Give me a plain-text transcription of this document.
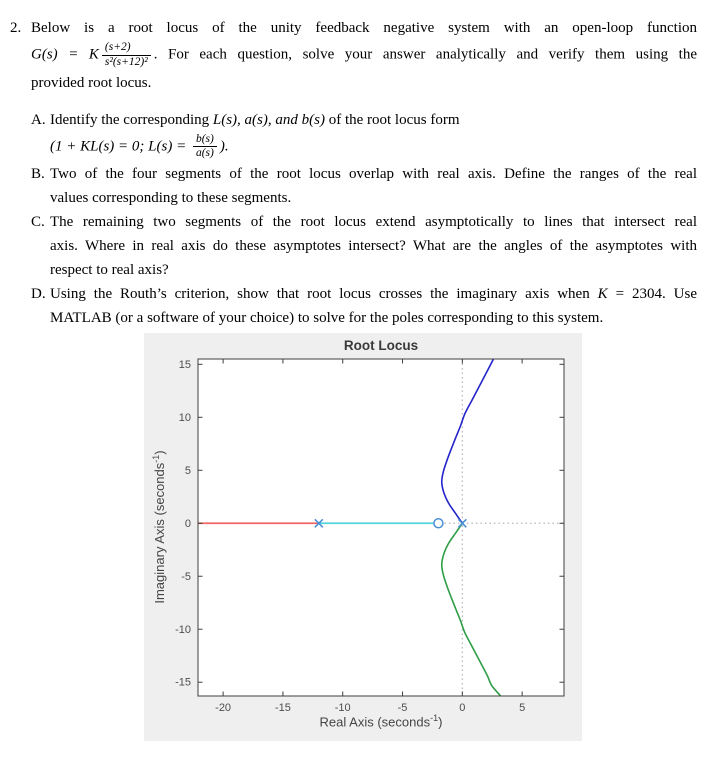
2. Below is a root locus of the unity feedback negative system with an open-loop function
G(s) = K $\frac{(s+2)}{\text{s²(s+12)²}}$ . For each question, solve your answer analytically and verify them using the
provided root locus.
A. Identify the corresponding L(s), a(s), and b(s) of the root locus form
(1 + KL(s) = 0; $L(s) = \frac{b(s)}{a(s)}$ ).
B. Two of the four segments of the root locus overlap with real axis. Define the ranges of the real
values corresponding to these segments.
C. The remaining two segments of the root locus extend asymptotically to lines that intersect real
axis. Where in real axis do these asymptotes intersect? What are the angles of the asymptotes with
respect to real axis?
D. Using the Routh’s criterion, show that root locus crosses the imaginary axis when K = 2304. Use
MATLAB (or a software of your choice) to solve for the poles corresponding to this system.
Root Locus
-20	-15	-10	-5	0	5
15
10
5
0
-5
-10
-15
Imaginary Axis (seconds$^{-1}$)
Real Axis (seconds$^{-1}$)
